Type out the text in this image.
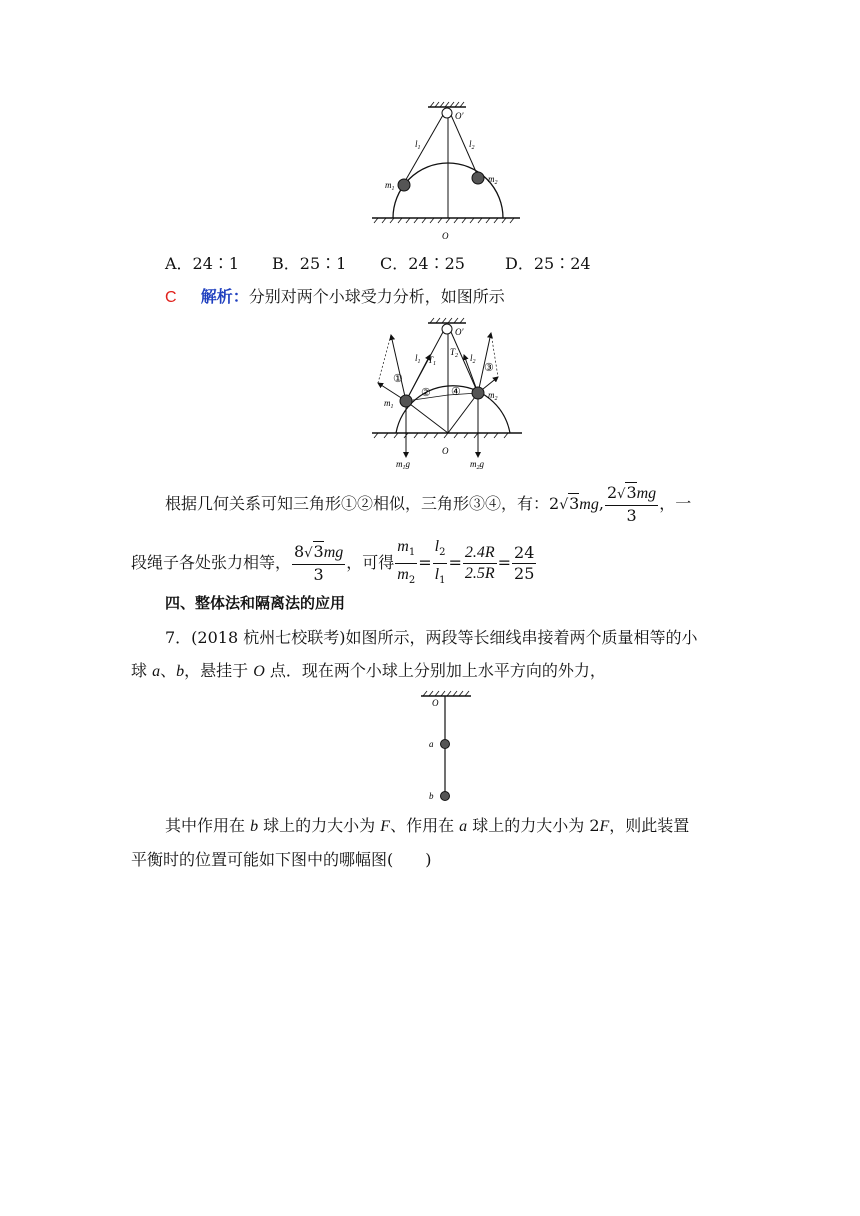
O′
$l_1$	$l_2$
$m_1$
$m_2$
O
A．24∶1 B．25∶1 C．24∶25	D．25∶24
C 解析：分别对两个小球受力分析，如图所示
O′
$l_1$ $T_1$
$T_2$ $l_2$
①
②
③
④
$m_1$
$m_2$
O
$m_1g$	$m_2g$
根据几何关系可知三角形①②相似，三角形③④，有：2√3mg, $\frac{2√3mg}{3}$ ，一
段绳子各处张力相等， $\frac{8√3mg}{3}$ ，可得 $\frac{m_1}{m_2} = \frac{l_2}{l_1} = \frac{2.4R}{2.5R} = \frac{24}{25}$
四、整体法和隔离法的应用
7．(2018 杭州七校联考)如图所示，两段等长细线串接着两个质量相等的小
球 a、b，悬挂于 O 点．现在两个小球上分别加上水平方向的外力，
O
a
b
其中作用在 b 球上的力大小为 F、作用在 a 球上的力大小为 2F，则此装置
平衡时的位置可能如下图中的哪幅图(　　)
